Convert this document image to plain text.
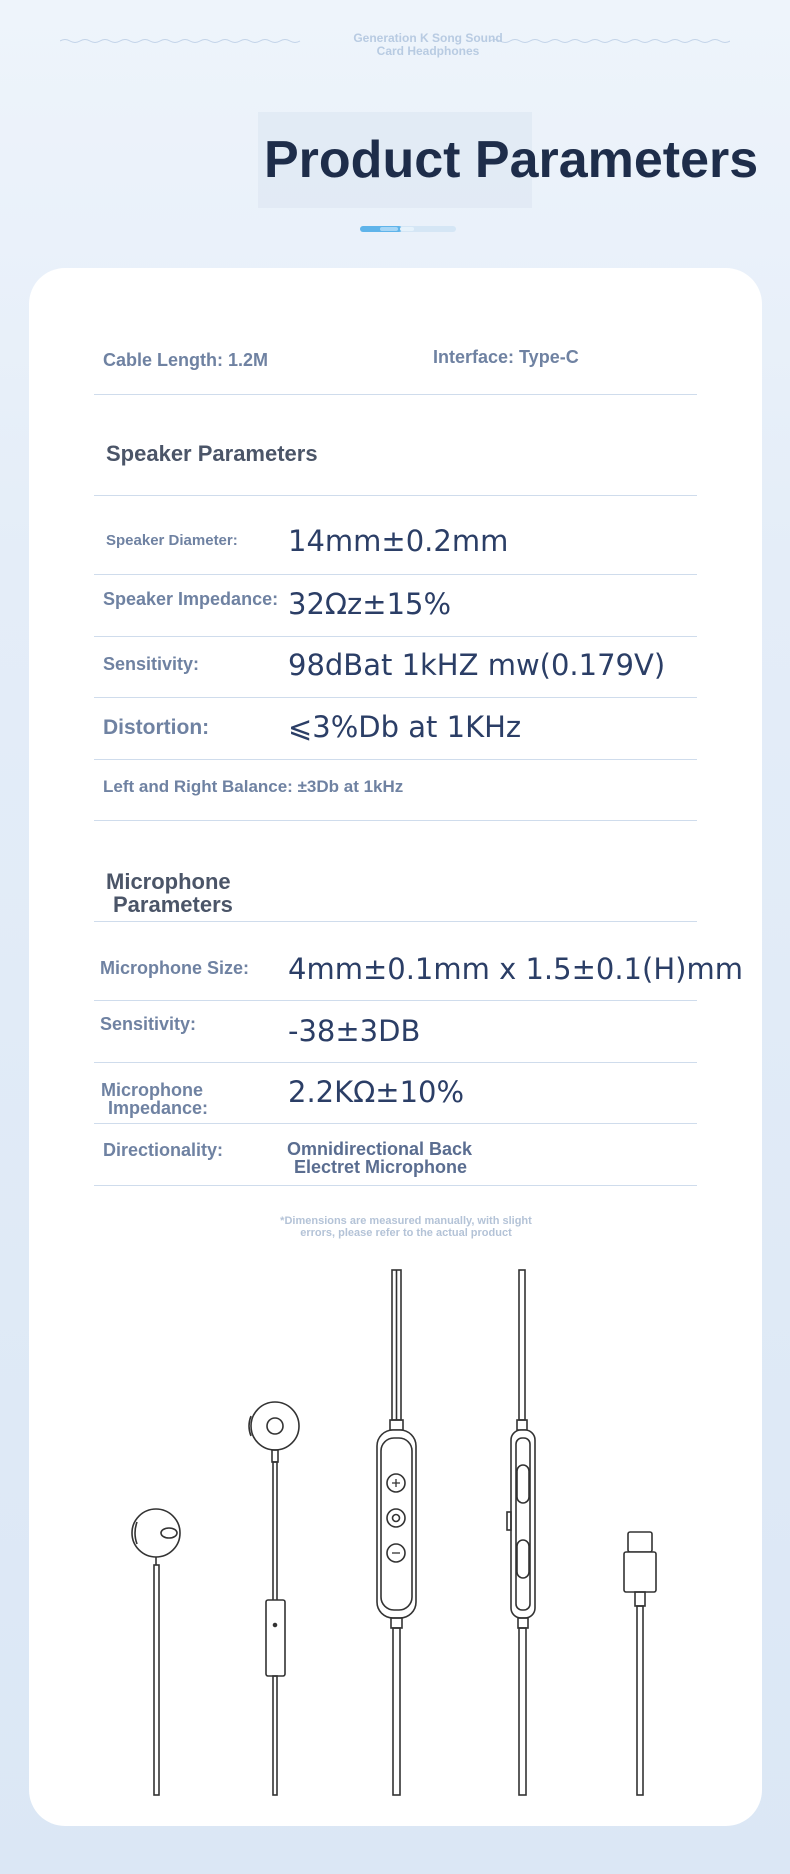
Generation K Song Sound
Card Headphones
Product Parameters
Cable Length: 1.2M	Interface: Type-C
Speaker Parameters
Speaker Diameter: 14mm±0.2mm
Speaker Impedance: 32Ωz±15%
Sensitivity:	98dBat 1kHZ mw(0.179V)
Distortion:	⩽3%Db at 1KHz
Left and Right Balance: ±3Db at 1kHz
Microphone
Parameters
Microphone Size: 4mm±0.1mm x 1.5±0.1(H)mm
Sensitivity:	-38±3DB
Microphone
Impedance:	2.2KΩ±10%
Directionality:	Omnidirectional Back
Electret Microphone
*Dimensions are measured manually, with slight
errors, please refer to the actual product
